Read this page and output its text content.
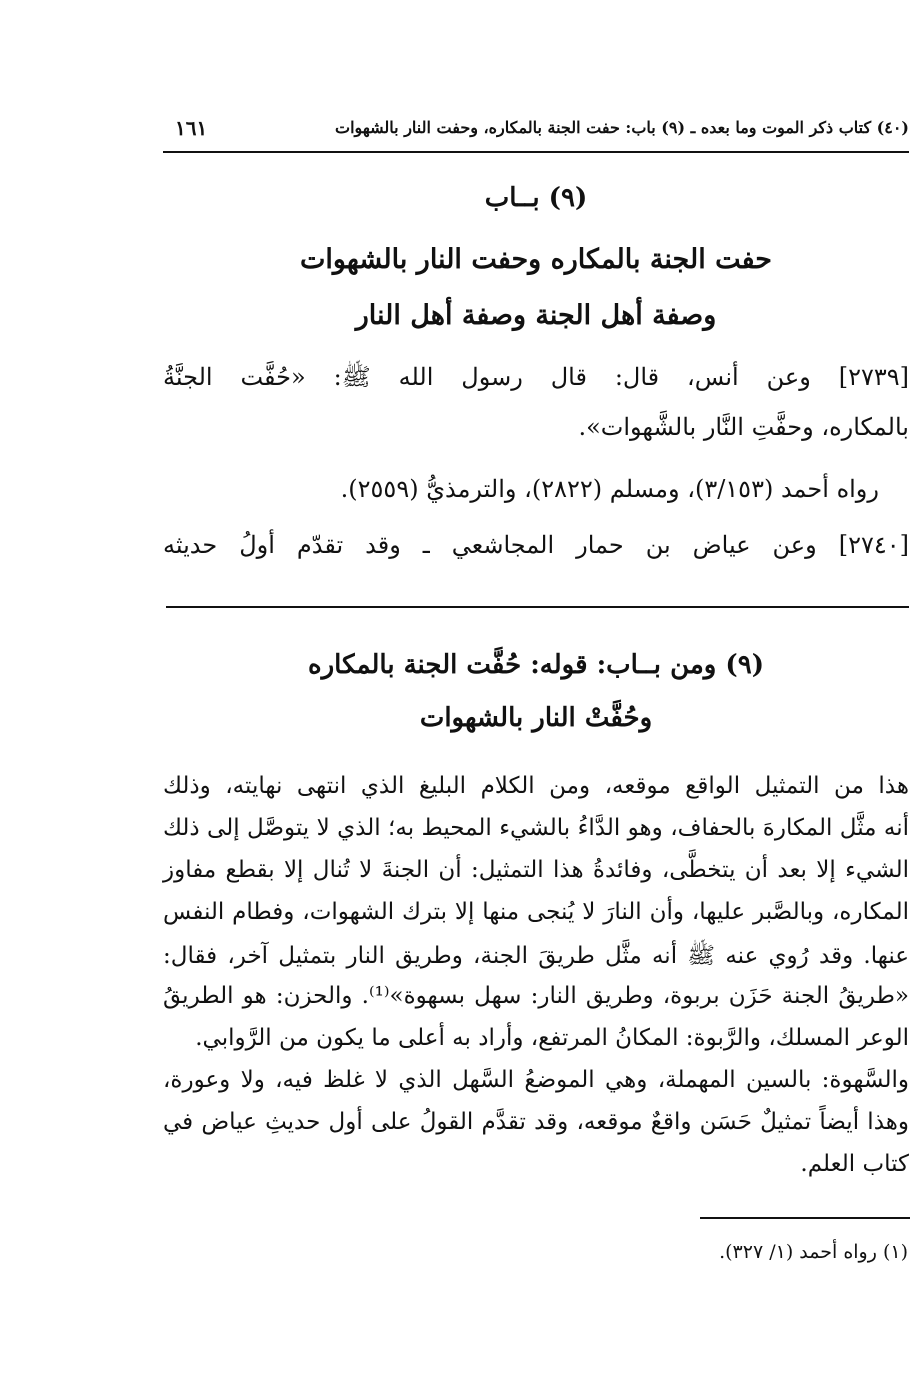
(٤٠) كتاب ذكر الموت وما بعده ـ (٩) باب: حفت الجنة بالمكاره، وحفت النار بالشهوات
١٦١
(٩) بــاب
حفت الجنة بالمكاره وحفت النار بالشهوات
وصفة أهل الجنة وصفة أهل النار
[٢٧٣٩] وعن أنس، قال: قال رسول الله ﷺ: «حُفَّت الجنَّةُ
بالمكاره، وحفَّتِ النَّار بالشَّهوات».
رواه أحمد (٣/١٥٣)، ومسلم (٢٨٢٢)، والترمذيُّ (٢٥٥٩).
[٢٧٤٠] وعن عياض بن حمار المجاشعي ـ وقد تقدّم أولُ حديثه
(٩) ومن بــاب: قوله: حُفَّت الجنة بالمكاره
وحُفَّتْ النار بالشهوات
هذا من التمثيل الواقع موقعه، ومن الكلام البليغ الذي انتهى نهايته، وذلك
أنه مثَّل المكارهَ بالحفاف، وهو الدَّاءُ بالشيء المحيط به؛ الذي لا يتوصَّل إلى ذلك
الشيء إلا بعد أن يتخطَّى، وفائدةُ هذا التمثيل: أن الجنةَ لا تُنال إلا بقطع مفاوز
المكاره، وبالصَّبر عليها، وأن النارَ لا يُنجى منها إلا بترك الشهوات، وفطام النفس
عنها. وقد رُوي عنه ﷺ أنه مثَّل طريقَ الجنة، وطريق النار بتمثيل آخر، فقال:
«طريقُ الجنة حَزَن بربوة، وطريق النار: سهل بسهوة»⁽¹⁾. والحزن: هو الطريقُ
الوعر المسلك، والرَّبوة: المكانُ المرتفع، وأراد به أعلى ما يكون من الرَّوابي.
والسَّهوة: بالسين المهملة، وهي الموضعُ السَّهل الذي لا غلظ فيه، ولا وعورة،
وهذا أيضاً تمثيلٌ حَسَن واقعٌ موقعه، وقد تقدَّم القولُ على أول حديثِ عياض في
كتاب العلم.
(١) رواه أحمد (١/ ٣٢٧).
